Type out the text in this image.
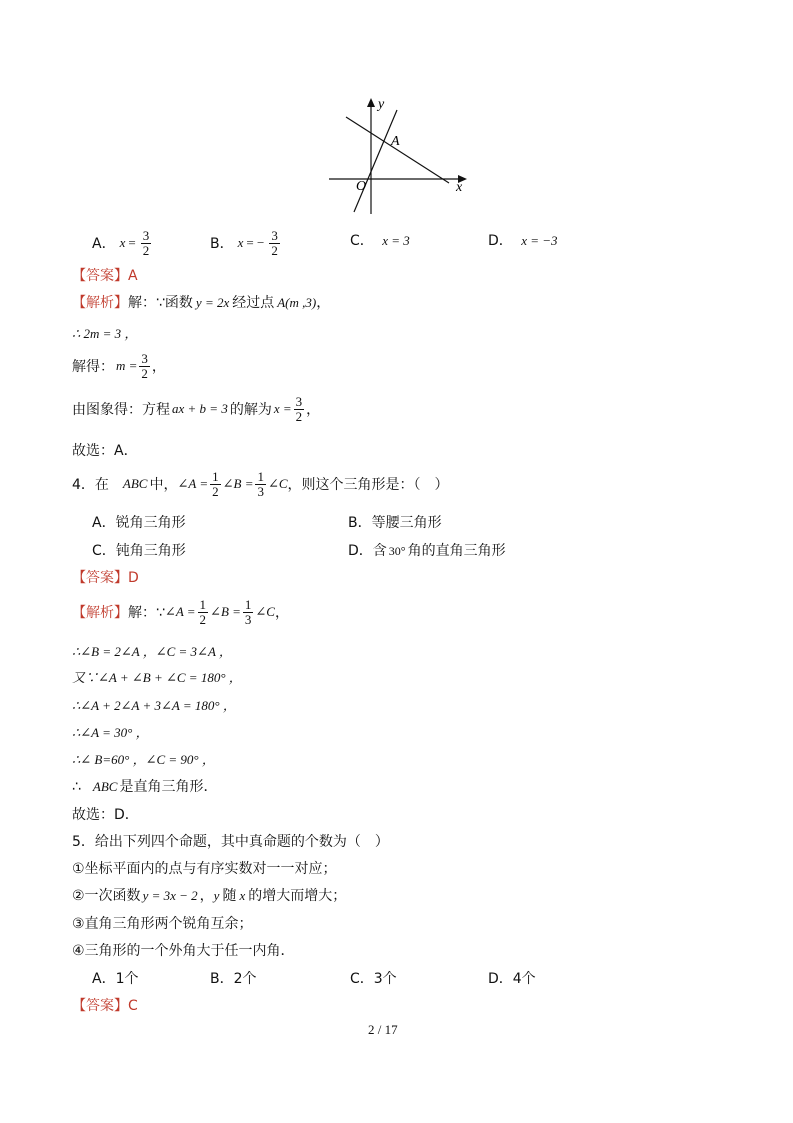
y
x
A
O
A． $x = \frac{3}{2}$	B． x = − $\frac{3}{2}$	C． x = 3	D． x = −3
【答案】A
【解析】解：∵函数 y = 2x 经过点 A(m ,3)，
∴ 2m = 3 ，
解得： $m = \frac{3}{2}$ ，
由图象得：方程 ax + b = 3 的解为 $x = \frac{3}{2}$ ，
故选：A．
4．在 ABC 中， ∠A = $\frac{1}{2}$ ∠B = $\frac{1}{3}$ ∠C ，则这个三角形是：（　）
A．锐角三角形	B．等腰三角形
C．钝角三角形	D．含 30° 角的直角三角形
【答案】D
【解析】 解：∵ ∠A = $\frac{1}{2}$ ∠B = $\frac{1}{3}$ ∠C ，
∴∠B = 2∠A ，∠C = 3∠A ，
又∵∠A + ∠B + ∠C = 180° ，
∴∠A + 2∠A + 3∠A = 180° ，
∴∠A = 30° ，
∴∠ B=60° ，∠C = 90° ，
∴ ABC 是直角三角形．
故选：D．
5．给出下列四个命题，其中真命题的个数为（　）
①坐标平面内的点与有序实数对一一对应；
②一次函数 y = 3x − 2 ，y 随 x 的增大而增大；
③直角三角形两个锐角互余；
④三角形的一个外角大于任一内角．
A．1个	B．2个	C．3个	D．4个
【答案】C
2 / 17
